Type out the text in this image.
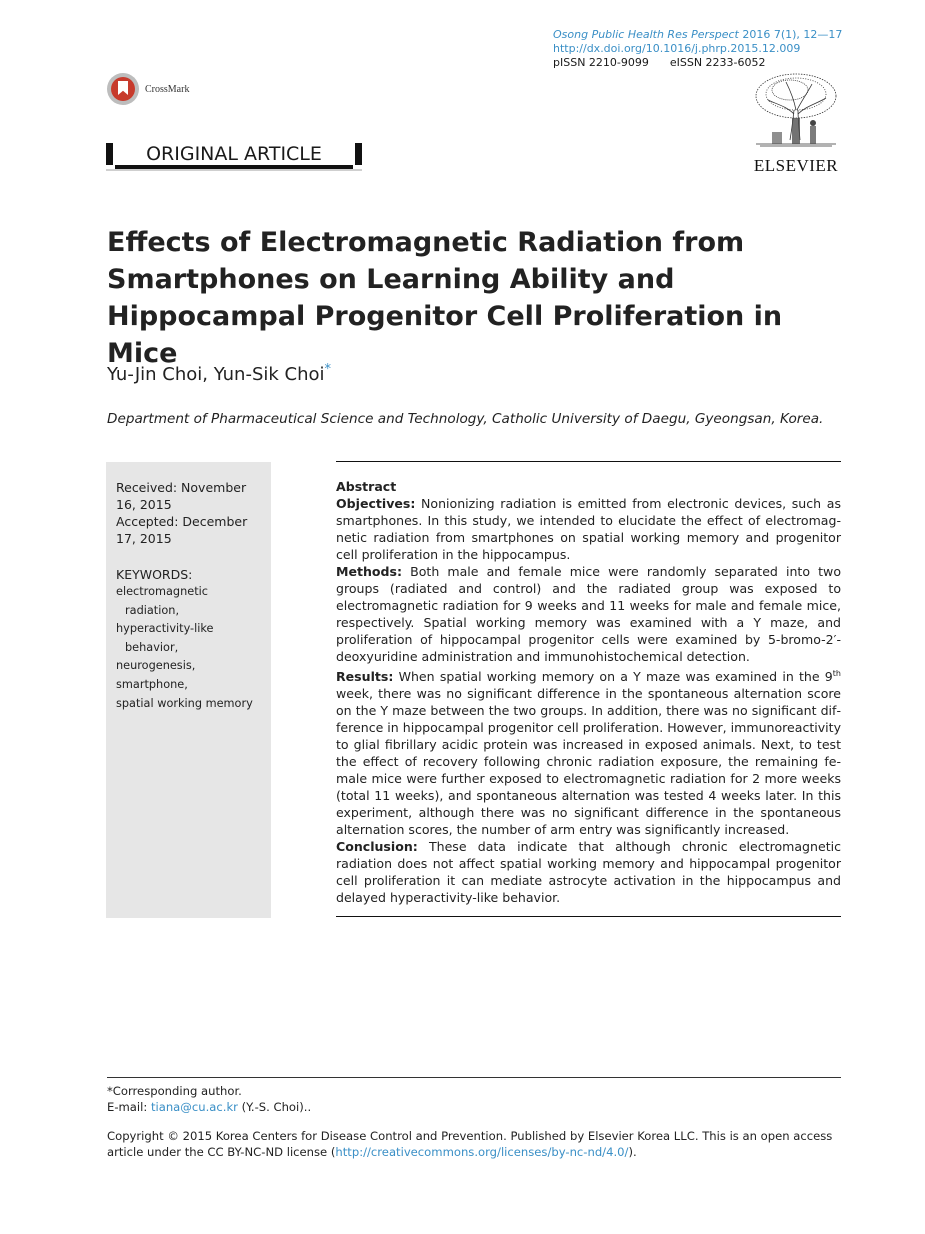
Osong Public Health Res Perspect 2016 7(1), 12—17
http://dx.doi.org/10.1016/j.phrp.2015.12.009
pISSN 2210-9099 eISSN 2233-6052
CrossMark
ELSEVIER
ORIGINAL ARTICLE
Effects of Electromagnetic Radiation from
Smartphones on Learning Ability and
Hippocampal Progenitor Cell Proliferation in Mice
Yu-Jin Choi, Yun-Sik Choi*
Department of Pharmaceutical Science and Technology, Catholic University of Daegu, Gyeongsan, Korea.
Received: November 16, 2015
Accepted: December 17, 2015
KEYWORDS:
electromagnetic
radiation,
hyperactivity-like
behavior,
neurogenesis,
smartphone,
spatial working memory

Abstract

Objectives: Nonionizing radiation is emitted from electronic devices, such as smartphones. In this study, we intended to elucidate the effect of electromagnetic radiation from smartphones on spatial working memory and progenitor cell proliferation in the hippocampus.

Methods: Both male and female mice were randomly separated into two groups (radiated and control) and the radiated group was exposed to electromagnetic radiation for 9 weeks and 11 weeks for male and female mice, respectively. Spatial working memory was examined with a Y maze, and proliferation of hippocampal progenitor cells were examined by 5-bromo-2′-deoxyuridine administration and immunohistochemical detection.

Results: When spatial working memory on a Y maze was examined in the 9th week, there was no significant difference in the spontaneous alternation score on the Y maze between the two groups. In addition, there was no significant difference in hippocampal progenitor cell proliferation. However, immunoreactivity to glial fibrillary acidic protein was increased in exposed animals. Next, to test the effect of recovery following chronic radiation exposure, the remaining female mice were further exposed to electromagnetic radiation for 2 more weeks (total 11 weeks), and spontaneous alternation was tested 4 weeks later. In this experiment, although there was no significant difference in the spontaneous alternation scores, the number of arm entry was significantly increased.

Conclusion: These data indicate that although chronic electromagnetic radiation does not affect spatial working memory and hippocampal progenitor cell proliferation it can mediate astrocyte activation in the hippocampus and delayed hyperactivity-like behavior.

*Corresponding author.
E-mail: tiana@cu.ac.kr (Y.-S. Choi)..
Copyright © 2015 Korea Centers for Disease Control and Prevention. Published by Elsevier Korea LLC. This is an open access article under the CC BY-NC-ND license (http://creativecommons.org/licenses/by-nc-nd/4.0/).
